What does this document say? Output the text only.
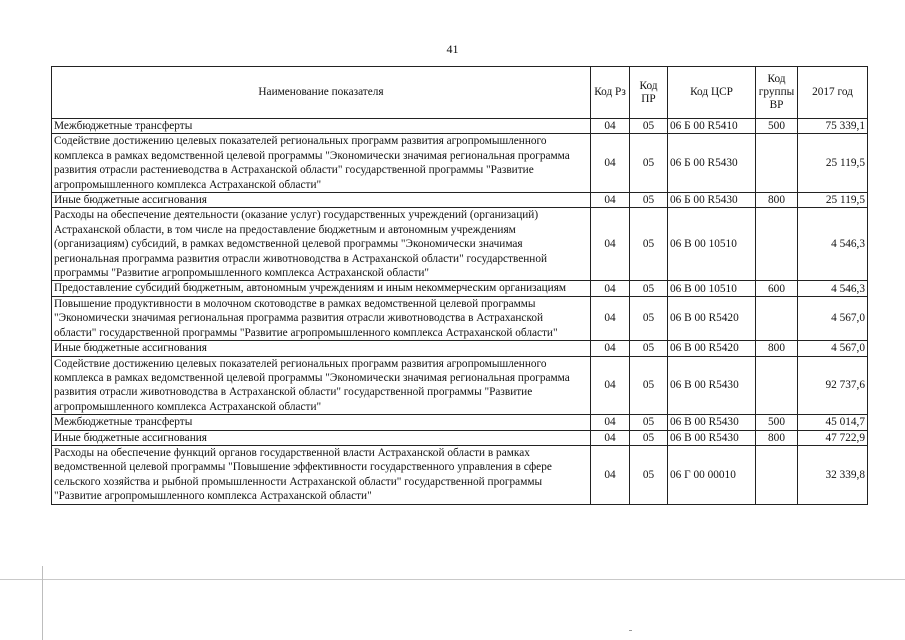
41
Наименование показателя	Код Рз	Код ПР	Код ЦСР	Код группы ВР	2017 год
Межбюджетные трансферты	04	05	06 Б 00 R5410	500	75 339,1
Содействие достижению целевых показателей региональных программ развития агропромышленного комплекса в рамках ведомственной целевой программы "Экономически значимая региональная программа развития отрасли растениеводства в Астраханской области" государственной программы "Развитие агропромышленного комплекса Астраханской области"	04	05	06 Б 00 R5430		25 119,5
Иные бюджетные ассигнования	04	05	06 Б 00 R5430	800	25 119,5
Расходы на обеспечение деятельности (оказание услуг) государственных учреждений (организаций) Астраханской области, в том числе на предоставление бюджетным и автономным учреждениям (организациям) субсидий, в рамках ведомственной целевой программы "Экономически значимая региональная программа развития отрасли животноводства в Астраханской области" государственной программы "Развитие агропромышленного комплекса Астраханской области"	04	05	06 В 00 10510		4 546,3
Предоставление субсидий бюджетным, автономным учреждениям и иным некоммерческим организациям	04	05	06 В 00 10510	600	4 546,3
Повышение продуктивности в молочном скотоводстве в рамках ведомственной целевой программы "Экономически значимая региональная программа развития отрасли животноводства в Астраханской области" государственной программы "Развитие агропромышленного комплекса Астраханской области"	04	05	06 В 00 R5420		4 567,0
Иные бюджетные ассигнования	04	05	06 В 00 R5420	800	4 567,0
Содействие достижению целевых показателей региональных программ развития агропромышленного комплекса в рамках ведомственной целевой программы "Экономически значимая региональная программа развития отрасли животноводства в Астраханской области" государственной программы "Развитие агропромышленного комплекса Астраханской области"	04	05	06 В 00 R5430		92 737,6
Межбюджетные трансферты	04	05	06 В 00 R5430	500	45 014,7
Иные бюджетные ассигнования	04	05	06 В 00 R5430	800	47 722,9
Расходы на обеспечение функций органов государственной власти Астраханской области в рамках ведомственной целевой программы "Повышение эффективности государственного управления в сфере сельского хозяйства и рыбной промышленности Астраханской области" государственной программы "Развитие агропромышленного комплекса Астраханской области"	04	05	06 Г 00 00010		32 339,8
